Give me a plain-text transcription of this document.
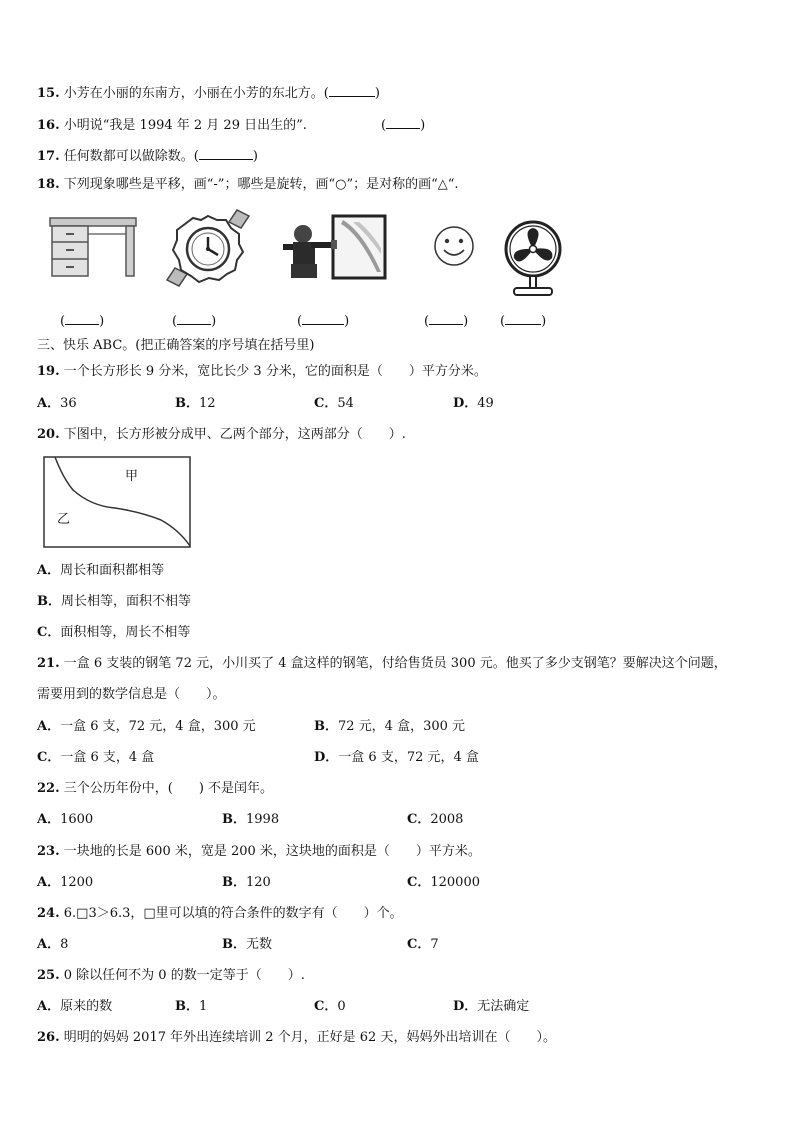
15. 小芳在小丽的东南方，小丽在小芳的东北方。(	)
16. 小明说“我是 1994 年 2 月 29 日出生的”.	(	)
17. 任何数都可以做除数。(	)
18. 下列现象哪些是平移，画“-”；哪些是旋转，画“○”；是对称的画“△“.
(	)	(	)	(	)	(	) (	)
三、快乐 ABC。(把正确答案的序号填在括号里)
19. 一个长方形长 9 分米，宽比长少 3 分米，它的面积是（　　）平方分米。
A．36	B．12	C．54	D．49
20. 下图中，长方形被分成甲、乙两个部分，这两部分（　　）.
甲
乙
A．周长和面积都相等
B．周长相等，面积不相等
C．面积相等，周长不相等
21. 一盒 6 支装的钢笔 72 元，小川买了 4 盒这样的钢笔，付给售货员 300 元。他买了多少支钢笔？要解决这个问题，
需要用到的数学信息是（　　）。
A．一盒 6 支，72 元，4 盒，300 元	B．72 元，4 盒，300 元
C．一盒 6 支，4 盒	D．一盒 6 支，72 元，4 盒
22. 三个公历年份中，(　　) 不是闰年。
A．1600	B．1998	C．2008
23. 一块地的长是 600 米，宽是 200 米，这块地的面积是（　　）平方米。
A．1200	B．120	C．120000
24. 6.□3＞6.3，□里可以填的符合条件的数字有（　　）个。
A．8	B．无数	C．7
25. 0 除以任何不为 0 的数一定等于（　　）.
A．原来的数	B．1	C．0	D．无法确定
26. 明明的妈妈 2017 年外出连续培训 2 个月，正好是 62 天，妈妈外出培训在（　　）。
